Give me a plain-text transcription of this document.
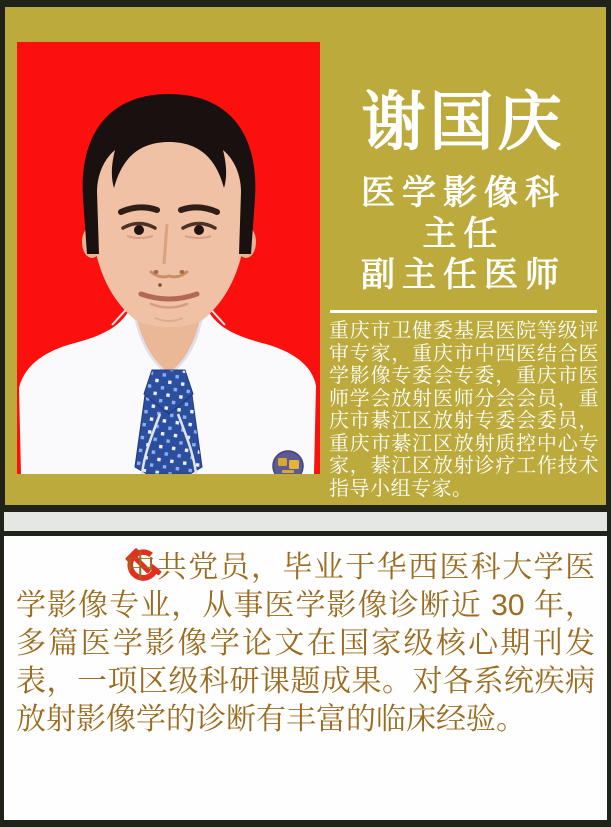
谢国庆
医学影像科
主任
副主任医师
重庆市卫健委基层医院等级评审专家，重庆市中西医结合医学影像专委会专委，重庆市医师学会放射医师分会会员，重庆市綦江区放射专委会委员，重庆市綦江区放射质控中心专家，綦江区放射诊疗工作技术指导小组专家。

中共党员，毕业于华西医科大学医学影像专业，从事医学影像诊断近 30 年，多篇医学影像学论文在国家级核心期刊发表，一项区级科研课题成果。对各系统疾病放射影像学的诊断有丰富的临床经验。
